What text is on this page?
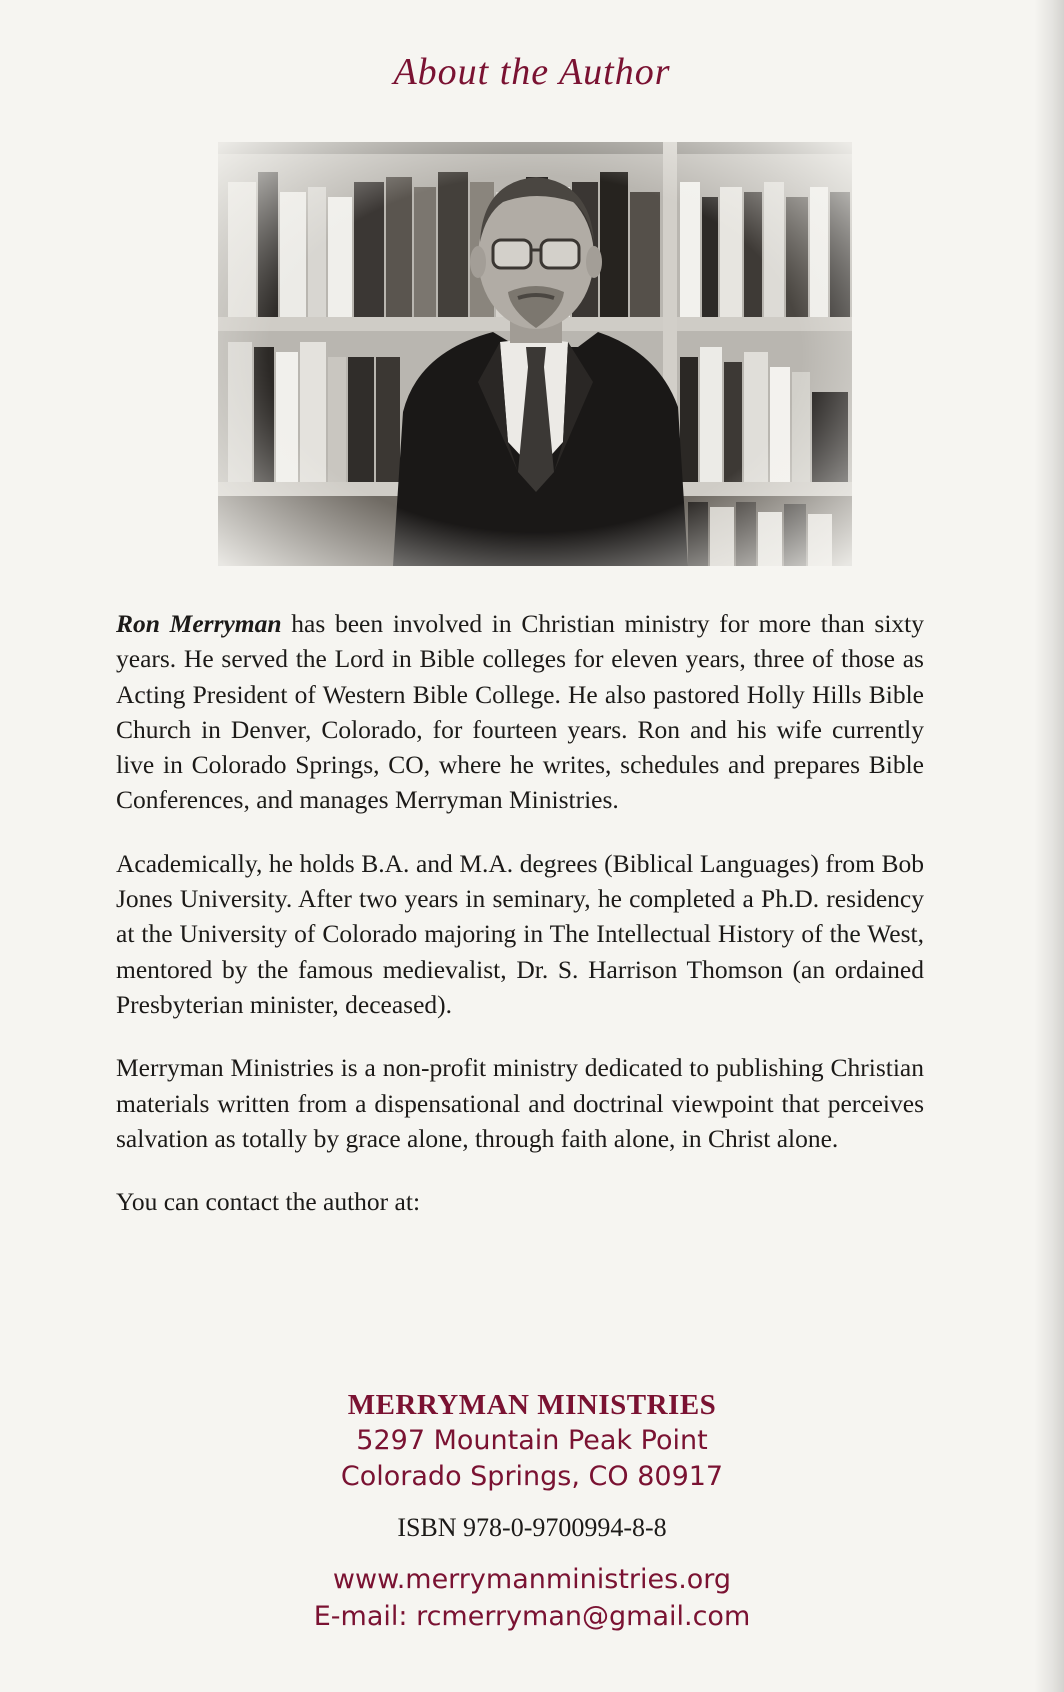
About the Author

Ron Merryman has been involved in Christian ministry for more than sixty years. He served the Lord in Bible colleges for eleven years, three of those as Acting President of Western Bible College. He also pastored Holly Hills Bible Church in Denver, Colorado, for fourteen years. Ron and his wife currently live in Colorado Springs, CO, where he writes, schedules and prepares Bible Conferences, and manages Merryman Ministries.

Academically, he holds B.A. and M.A. degrees (Biblical Languages) from Bob Jones University. After two years in seminary, he completed a Ph.D. residency at the University of Colorado majoring in The Intellectual History of the West, mentored by the famous medievalist, Dr. S. Harrison Thomson (an ordained Presbyterian minister, deceased).

Merryman Ministries is a non-profit ministry dedicated to publishing Christian materials written from a dispensational and doctrinal viewpoint that perceives salvation as totally by grace alone, through faith alone, in Christ alone.

You can contact the author at:

MERRYMAN MINISTRIES
5297 Mountain Peak Point
Colorado Springs, CO 80917
ISBN 978-0-9700994-8-8
www.merrymanministries.org
E-mail: rcmerryman@gmail.com
